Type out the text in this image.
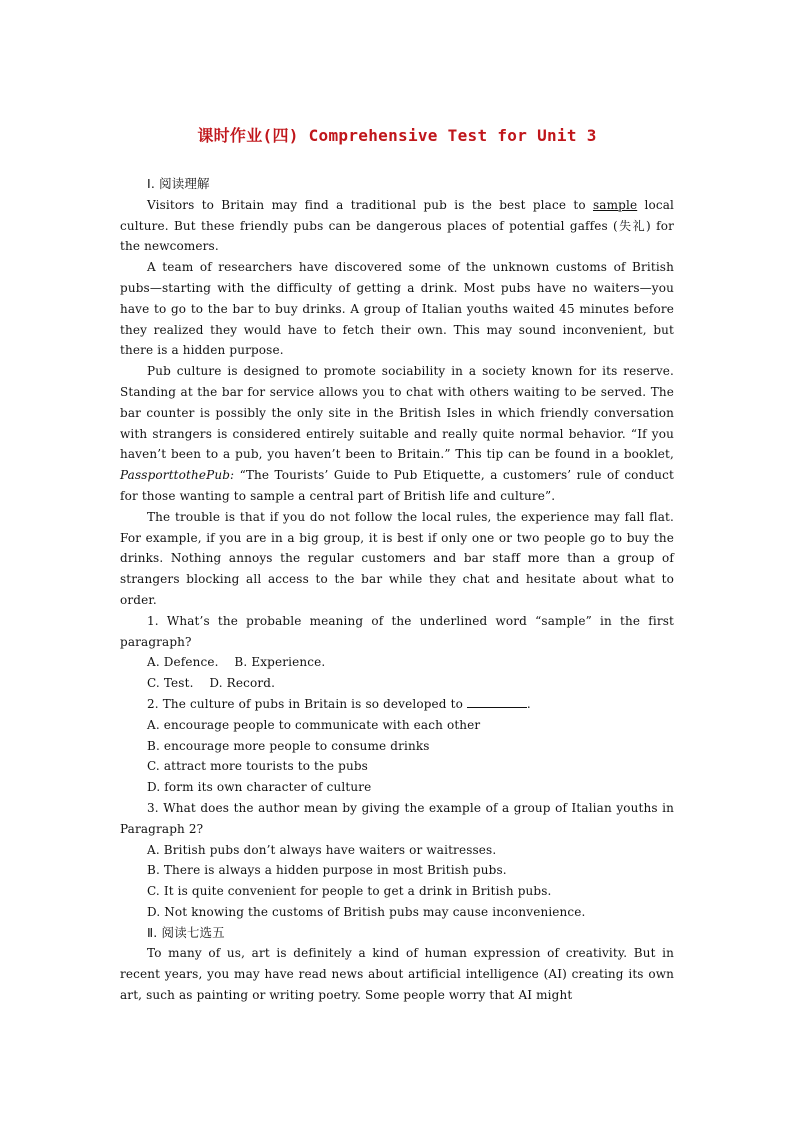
课时作业(四) Comprehensive Test for Unit 3

Ⅰ. 阅读理解

Visitors to Britain may find a traditional pub is the best place to sample local culture. But these friendly pubs can be dangerous places of potential gaffes (失礼) for the newcomers.

A team of researchers have discovered some of the unknown customs of British pubs—starting with the difficulty of getting a drink. Most pubs have no waiters—you have to go to the bar to buy drinks. A group of Italian youths waited 45 minutes before they realized they would have to fetch their own. This may sound inconvenient, but there is a hidden purpose.

Pub culture is designed to promote sociability in a society known for its reserve. Standing at the bar for service allows you to chat with others waiting to be served. The bar counter is possibly the only site in the British Isles in which friendly conversation with strangers is considered entirely suitable and really quite normal behavior. “If you haven’t been to a pub, you haven’t been to Britain.” This tip can be found in a booklet, PassporttothePub: “The Tourists’ Guide to Pub Etiquette, a customers’ rule of conduct for those wanting to sample a central part of British life and culture”.

The trouble is that if you do not follow the local rules, the experience may fall flat. For example, if you are in a big group, it is best if only one or two people go to buy the drinks. Nothing annoys the regular customers and bar staff more than a group of strangers blocking all access to the bar while they chat and hesitate about what to order.

1. What’s the probable meaning of the underlined word “sample” in the first paragraph?

A. Defence.    B. Experience.

C. Test.    D. Record.

2. The culture of pubs in Britain is so developed to	.

A. encourage people to communicate with each other

B. encourage more people to consume drinks

C. attract more tourists to the pubs

D. form its own character of culture

3. What does the author mean by giving the example of a group of Italian youths in Paragraph 2?

A. British pubs don’t always have waiters or waitresses.

B. There is always a hidden purpose in most British pubs.

C. It is quite convenient for people to get a drink in British pubs.

D. Not knowing the customs of British pubs may cause inconvenience.

Ⅱ. 阅读七选五

To many of us, art is definitely a kind of human expression of creativity. But in recent years, you may have read news about artificial intelligence (AI) creating its own art, such as painting or writing poetry. Some people worry that AI might
